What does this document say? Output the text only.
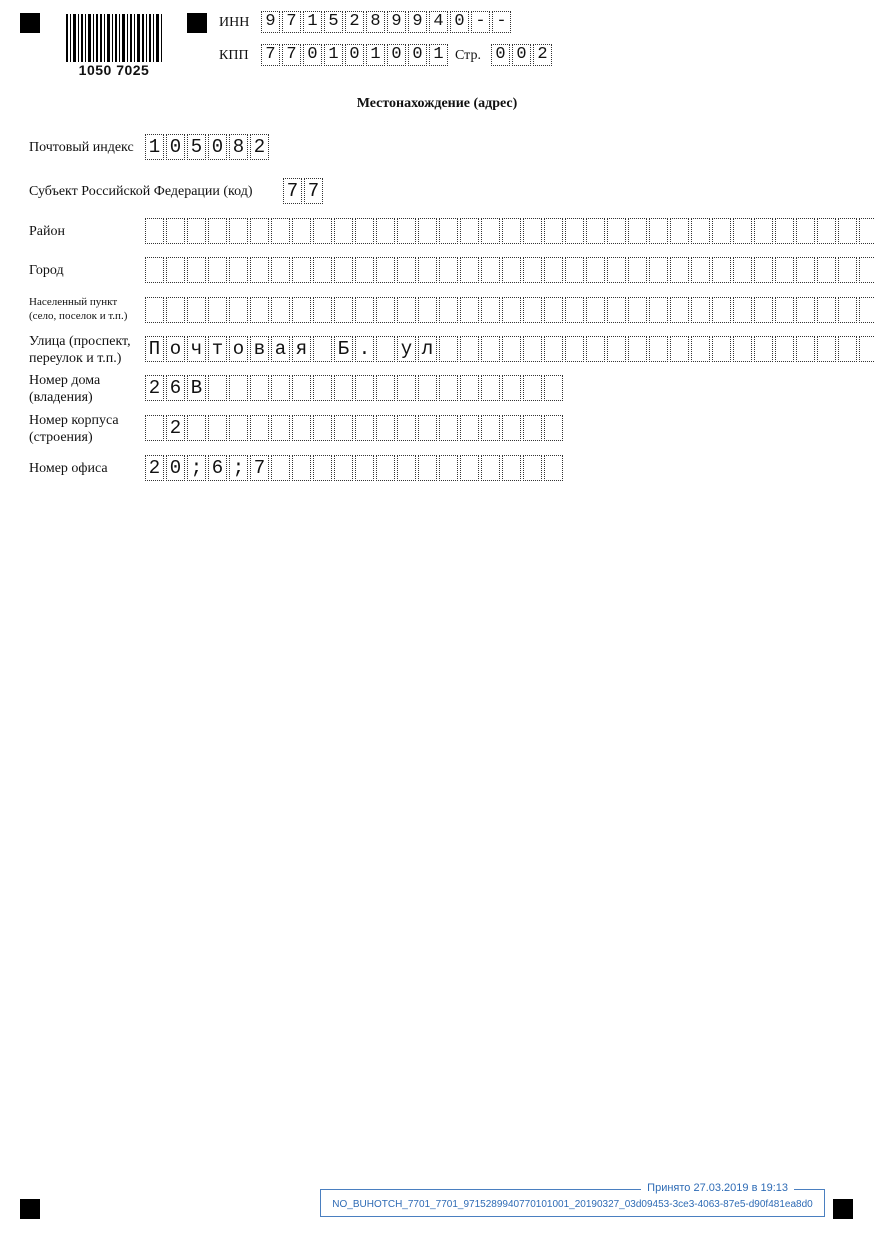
1050 7025
ИНН 9 7 1 5 2 8 9 9 4 0 - -
КПП 7 7 0 1 0 1 0 0 1 Стр. 0 0 2
Местонахождение (адрес)
Почтовый индекс 1 0 5 0 8 2
Субъект Российской Федерации (код) 7 7
Район
Город
Населенный пункт
(село, поселок и т.п.)
Улица (проспект,
переулок и т.п.)	П о ч т о в а я Б . у л
Номер дома
(владения)	2 6 В
Номер корпуса
(строения)	2
Номер офиса 2 0 ; 6 ; 7
Принято 27.03.2019 в 19:13
NO_BUHOTCH_7701_7701_9715289940770101001_20190327_03d09453-3ce3-4063-87e5-d90f481ea8d0
